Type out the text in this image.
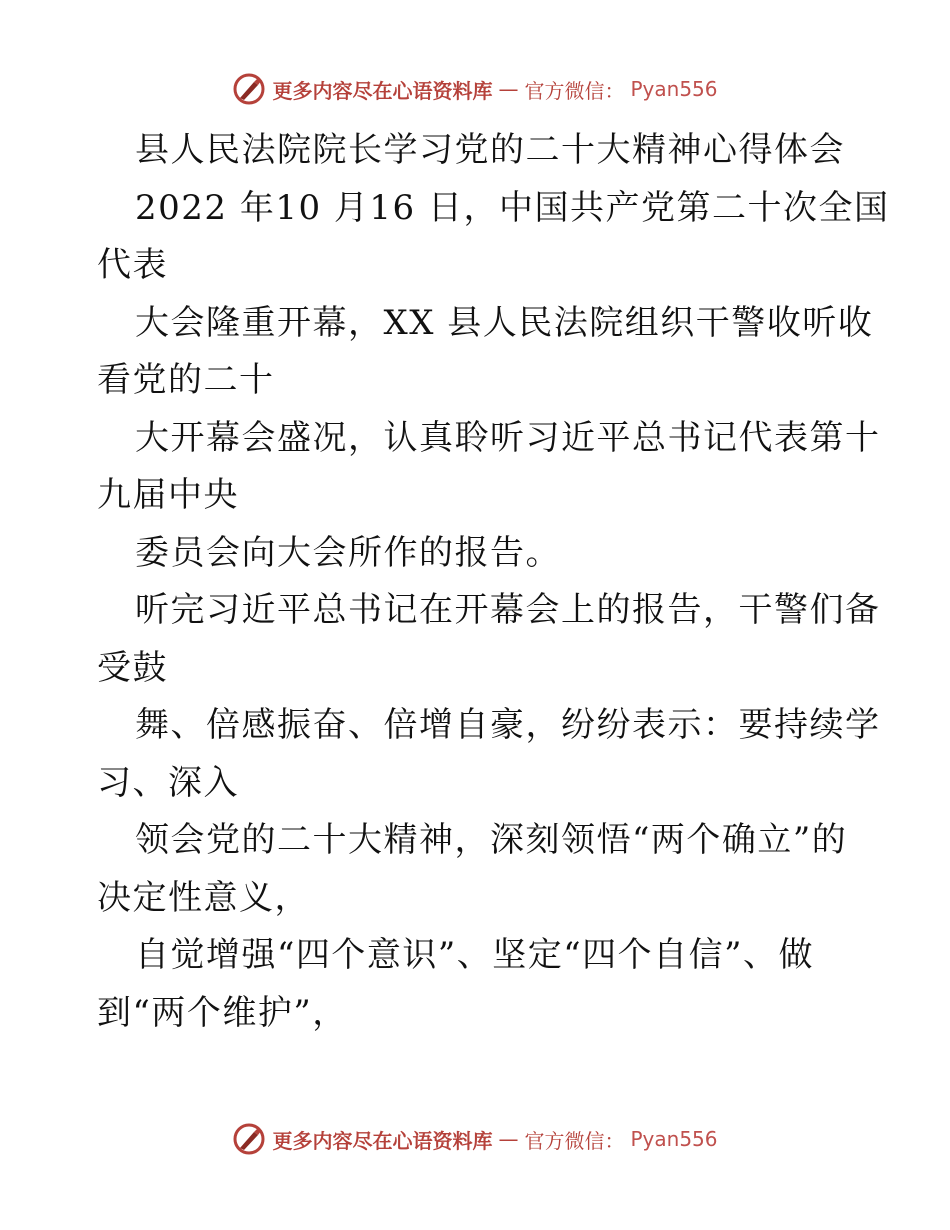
更多内容尽在心语资料库 — 官方微信： Pyan556
县人民法院院长学习党的二十大精神心得体会
2022 年10 月16 日，中国共产党第二十次全国
代表
大会隆重开幕，XX 县人民法院组织干警收听收
看党的二十
大开幕会盛况，认真聆听习近平总书记代表第十
九届中央
委员会向大会所作的报告。
听完习近平总书记在开幕会上的报告，干警们备
受鼓
舞、倍感振奋、倍增自豪，纷纷表示：要持续学
习、深入
领会党的二十大精神，深刻领悟“两个确立”的
决定性意义，
自觉增强“四个意识”、坚定“四个自信”、做
到“两个维护”，
更多内容尽在心语资料库 — 官方微信： Pyan556
